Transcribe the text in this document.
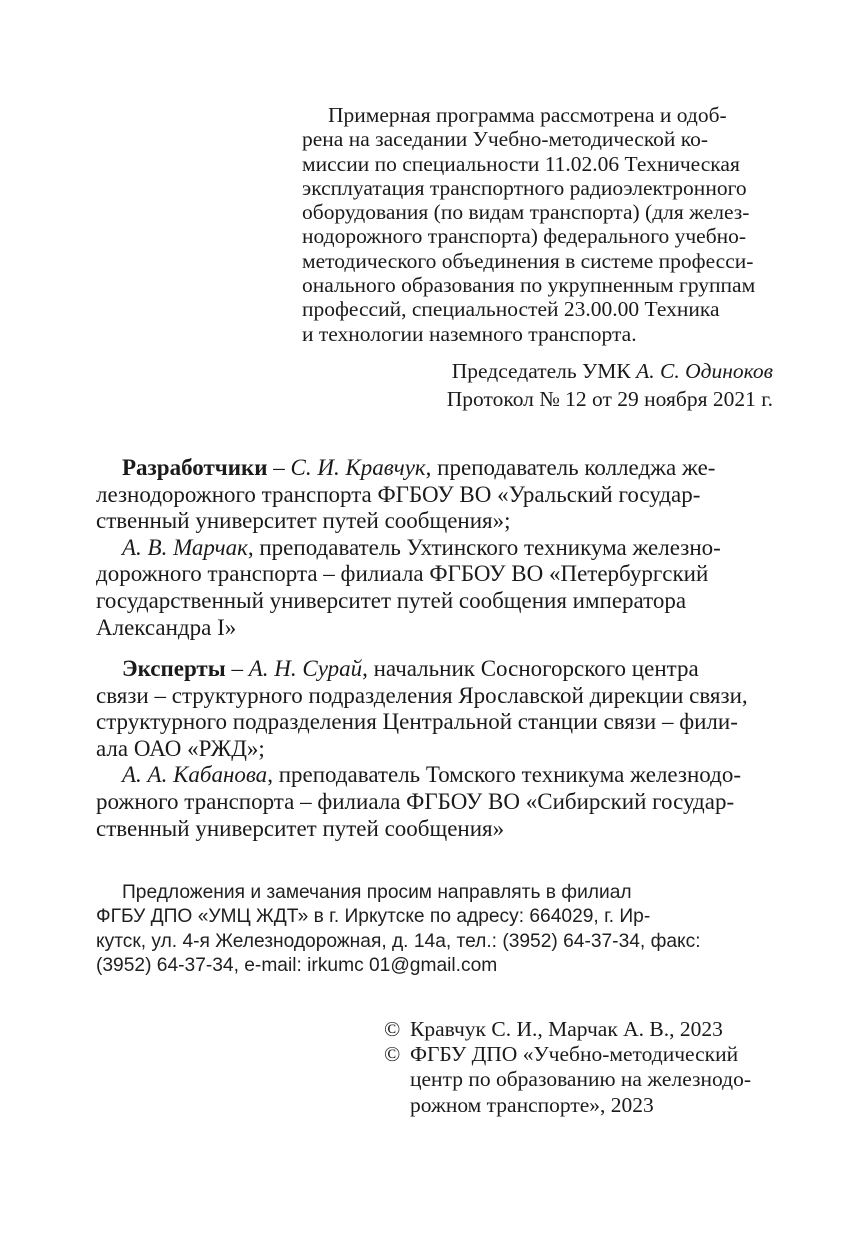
Примерная программа рассмотрена и одоб-
рена на заседании Учебно-методической ко-
миссии по специальности 11.02.06 Техническая
эксплуатация транспортного радиоэлектронного
оборудования (по видам транспорта) (для желез-
нодорожного транспорта) федерального учебно-
методического объединения в системе професси-
онального образования по укрупненным группам
профессий, специальностей 23.00.00 Техника
и технологии наземного транспорта.
Председатель УМК А. С. Одиноков
Протокол № 12 от 29 ноября 2021 г.
Разработчики – С. И. Кравчук, преподаватель колледжа же-
лезнодорожного транспорта ФГБОУ ВО «Уральский государ-
ственный университет путей сообщения»;
А. В. Марчак, преподаватель Ухтинского техникума железно-
дорожного транспорта – филиала ФГБОУ ВО «Петербургский
государственный университет путей сообщения императора
Александра I»
Эксперты – А. Н. Сурай, начальник Сосногорского центра
связи – структурного подразделения Ярославской дирекции связи,
структурного подразделения Центральной станции связи – фили-
ала ОАО «РЖД»;
А. А. Кабанова, преподаватель Томского техникума железнодо-
рожного транспорта – филиала ФГБОУ ВО «Сибирский государ-
ственный университет путей сообщения»
Предложения и замечания просим направлять в филиал
ФГБУ ДПО «УМЦ ЖДТ» в г. Иркутске по адресу: 664029, г. Ир-
кутск, ул. 4-я Железнодорожная, д. 14а, тел.: (3952) 64-37-34, факс:
(3952) 64-37-34, e-mail: irkumc 01@gmail.com
© Кравчук С. И., Марчак А. В., 2023
© ФГБУ ДПО «Учебно-методический
центр по образованию на железнодо-
рожном транспорте», 2023
